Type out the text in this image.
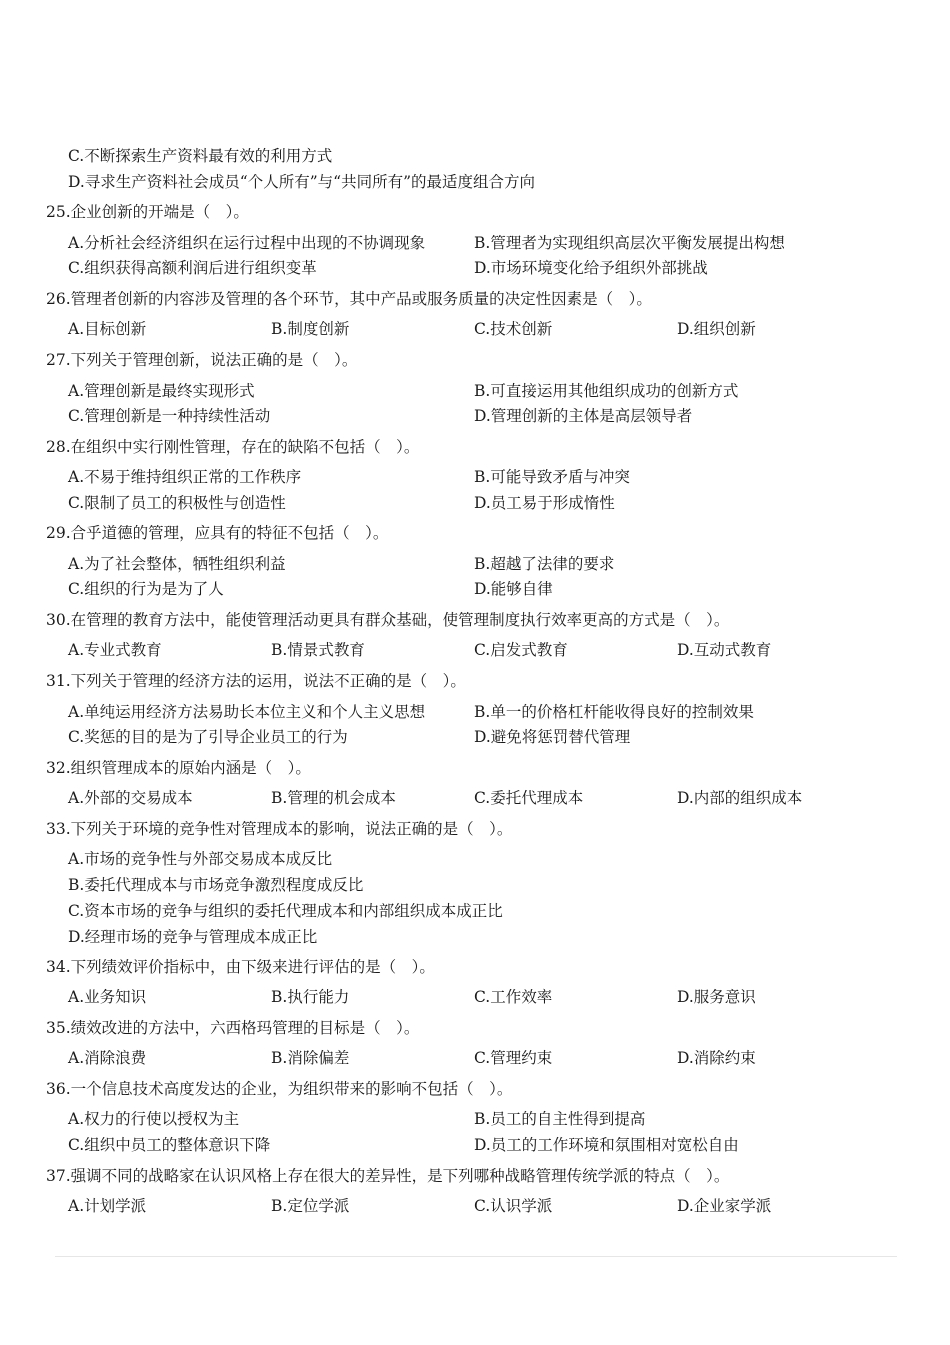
C.不断探索生产资料最有效的利用方式
D.寻求生产资料社会成员“个人所有”与“共同所有”的最适度组合方向
25.企业创新的开端是（　）。
A.分析社会经济组织在运行过程中出现的不协调现象	B.管理者为实现组织高层次平衡发展提出构想
C.组织获得高额利润后进行组织变革	D.市场环境变化给予组织外部挑战
26.管理者创新的内容涉及管理的各个环节，其中产品或服务质量的决定性因素是（　）。
A.目标创新	B.制度创新	C.技术创新	D.组织创新
27.下列关于管理创新，说法正确的是（　）。
A.管理创新是最终实现形式	B.可直接运用其他组织成功的创新方式
C.管理创新是一种持续性活动	D.管理创新的主体是高层领导者
28.在组织中实行刚性管理，存在的缺陷不包括（　）。
A.不易于维持组织正常的工作秩序	B.可能导致矛盾与冲突
C.限制了员工的积极性与创造性	D.员工易于形成惰性
29.合乎道德的管理，应具有的特征不包括（　）。
A.为了社会整体，牺牲组织利益	B.超越了法律的要求
C.组织的行为是为了人	D.能够自律
30.在管理的教育方法中，能使管理活动更具有群众基础，使管理制度执行效率更高的方式是（　）。
A.专业式教育	B.情景式教育	C.启发式教育	D.互动式教育
31.下列关于管理的经济方法的运用，说法不正确的是（　）。
A.单纯运用经济方法易助长本位主义和个人主义思想	B.单一的价格杠杆能收得良好的控制效果
C.奖惩的目的是为了引导企业员工的行为	D.避免将惩罚替代管理
32.组织管理成本的原始内涵是（　）。
A.外部的交易成本	B.管理的机会成本	C.委托代理成本	D.内部的组织成本
33.下列关于环境的竞争性对管理成本的影响，说法正确的是（　）。
A.市场的竞争性与外部交易成本成反比
B.委托代理成本与市场竞争激烈程度成反比
C.资本市场的竞争与组织的委托代理成本和内部组织成本成正比
D.经理市场的竞争与管理成本成正比
34.下列绩效评价指标中，由下级来进行评估的是（　）。
A.业务知识	B.执行能力	C.工作效率	D.服务意识
35.绩效改进的方法中，六西格玛管理的目标是（　）。
A.消除浪费	B.消除偏差	C.管理约束	D.消除约束
36.一个信息技术高度发达的企业，为组织带来的影响不包括（　）。
A.权力的行使以授权为主	B.员工的自主性得到提高
C.组织中员工的整体意识下降	D.员工的工作环境和氛围相对宽松自由
37.强调不同的战略家在认识风格上存在很大的差异性，是下列哪种战略管理传统学派的特点（　）。
A.计划学派	B.定位学派	C.认识学派	D.企业家学派
